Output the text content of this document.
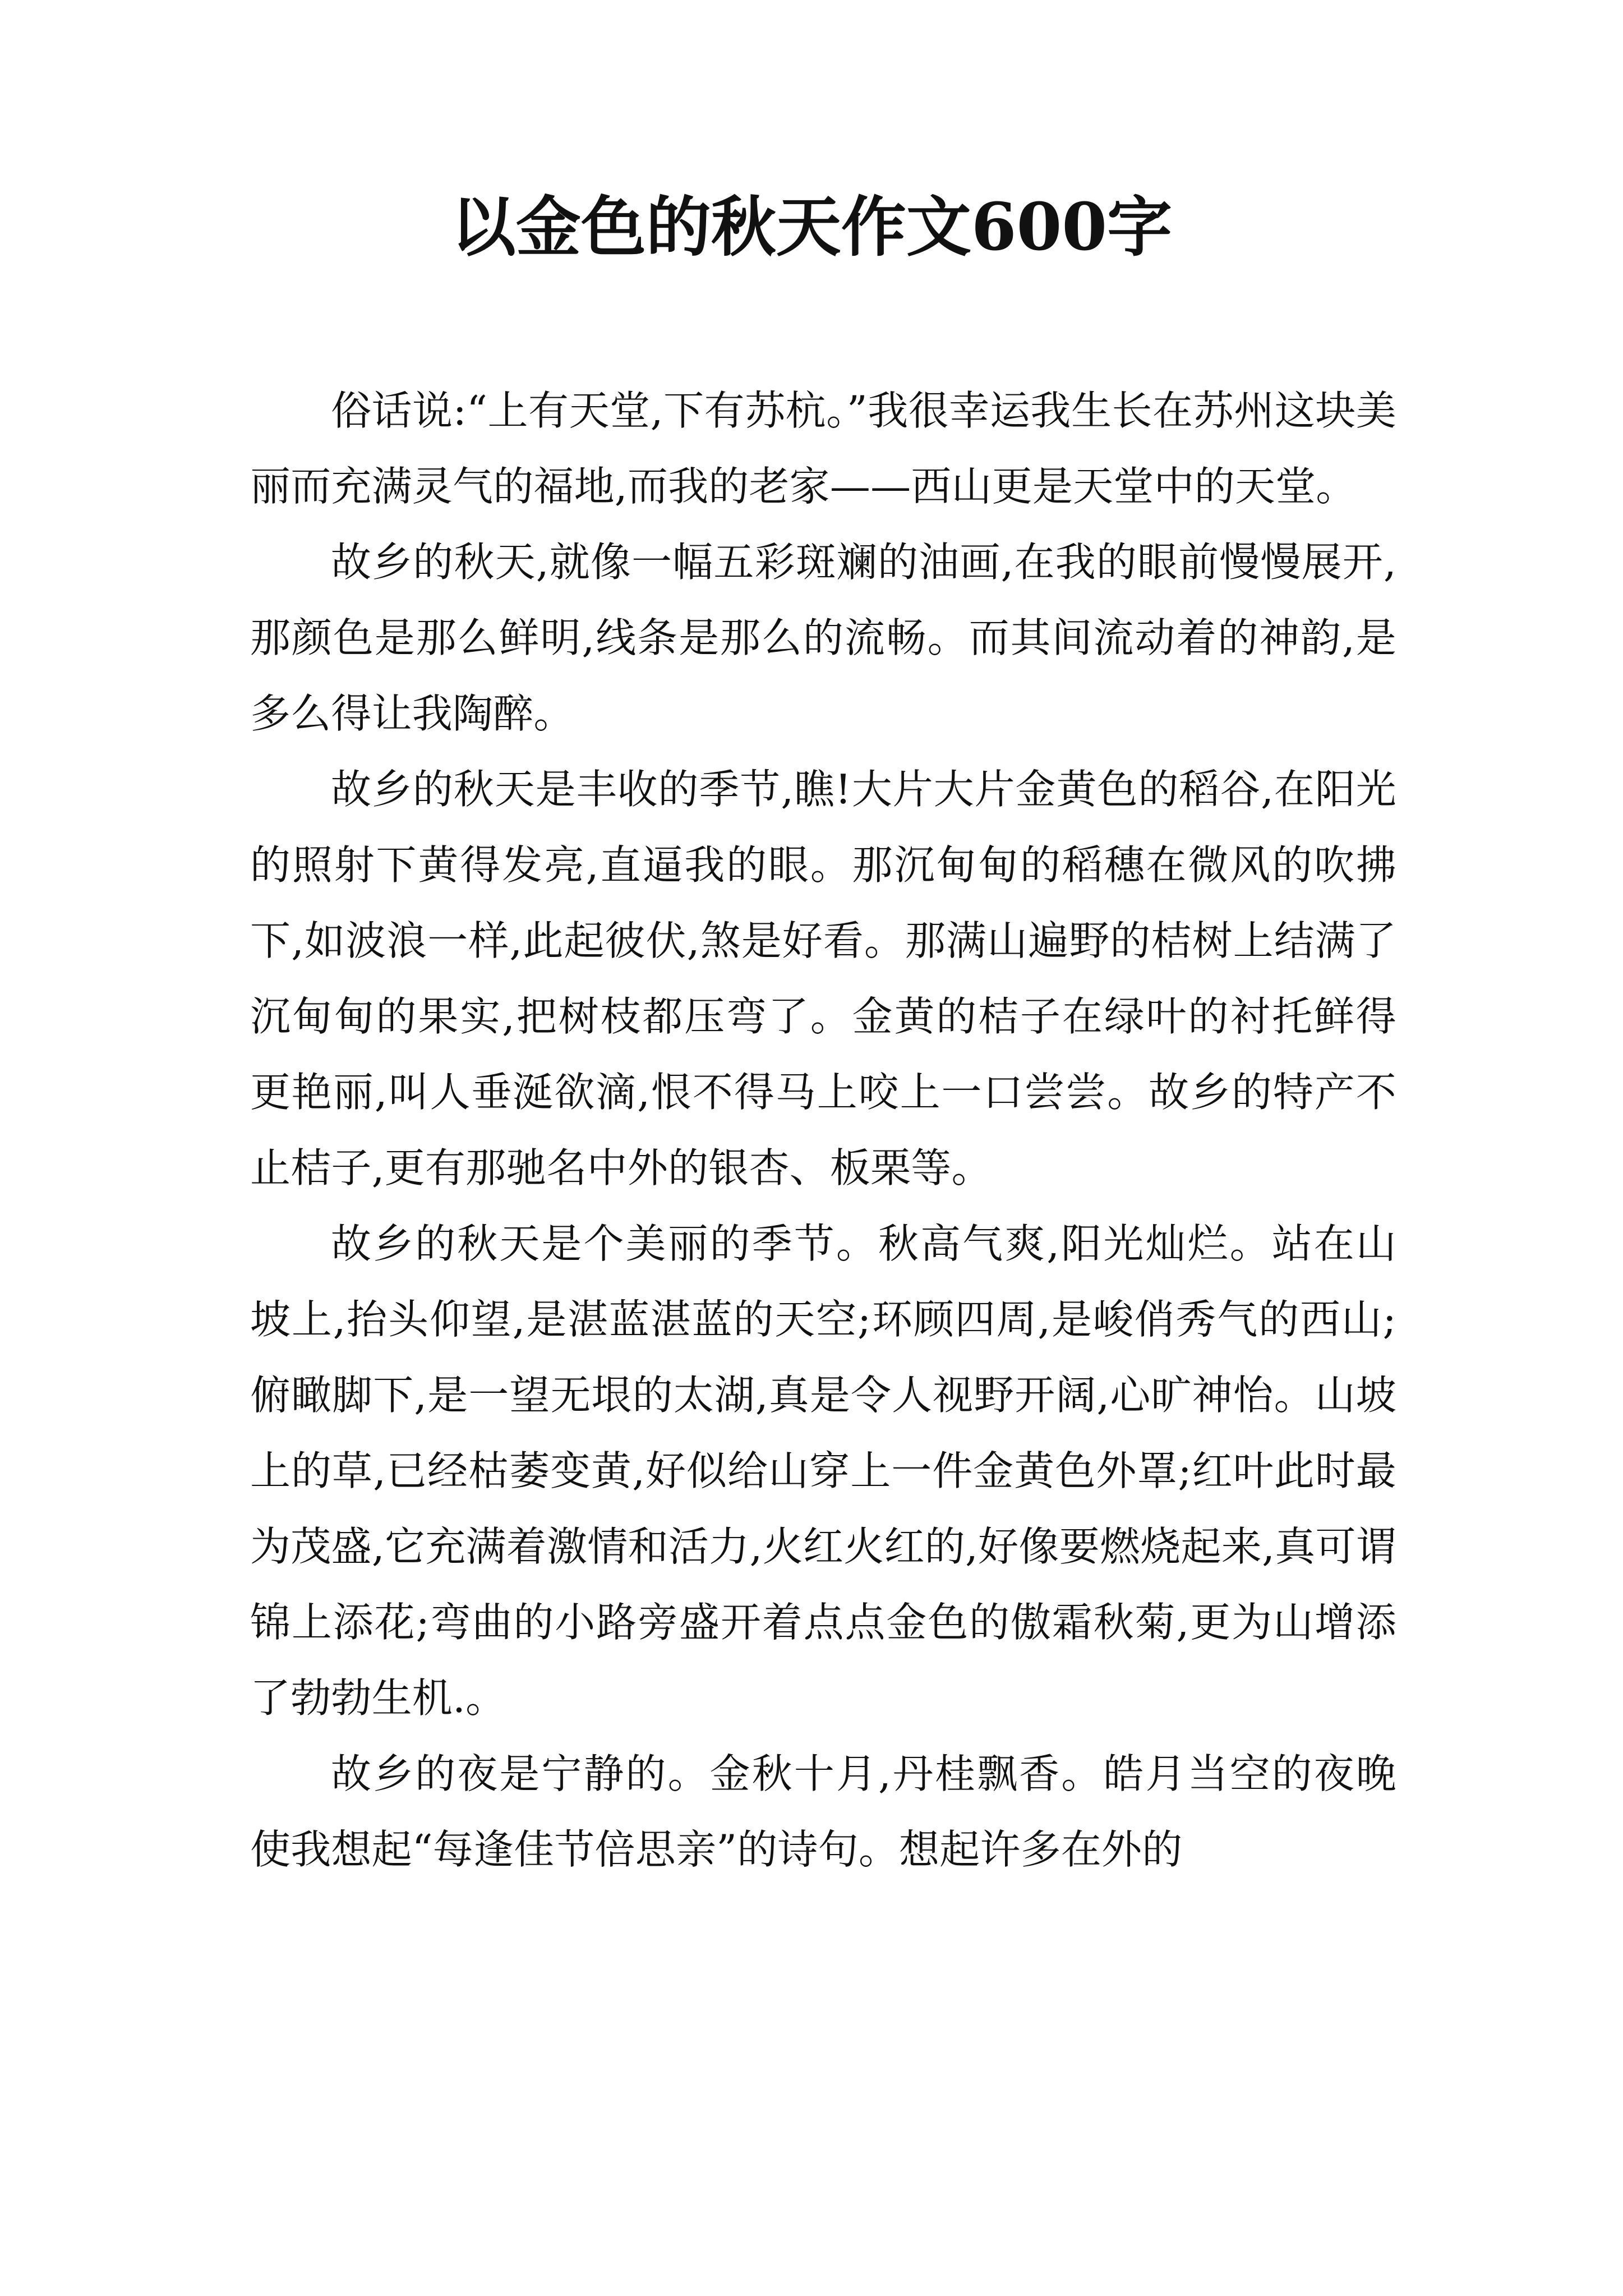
以金色的秋天作文600字

俗话说:“上有天堂,下有苏杭。”我很幸运我生长在苏州这块美丽而充满灵气的福地,而我的老家——西山更是天堂中的天堂。

故乡的秋天,就像一幅五彩斑斓的油画,在我的眼前慢慢展开,那颜色是那么鲜明,线条是那么的流畅。而其间流动着的神韵,是多么得让我陶醉。

故乡的秋天是丰收的季节,瞧!大片大片金黄色的稻谷,在阳光的照射下黄得发亮,直逼我的眼。那沉甸甸的稻穗在微风的吹拂下,如波浪一样,此起彼伏,煞是好看。那满山遍野的桔树上结满了沉甸甸的果实,把树枝都压弯了。金黄的桔子在绿叶的衬托鲜得更艳丽,叫人垂涎欲滴,恨不得马上咬上一口尝尝。故乡的特产不止桔子,更有那驰名中外的银杏、板栗等。

故乡的秋天是个美丽的季节。秋高气爽,阳光灿烂。站在山坡上,抬头仰望,是湛蓝湛蓝的天空;环顾四周,是峻俏秀气的西山;俯瞰脚下,是一望无垠的太湖,真是令人视野开阔,心旷神怡。山坡上的草,已经枯萎变黄,好似给山穿上一件金黄色外罩;红叶此时最为茂盛,它充满着激情和活力,火红火红的,好像要燃烧起来,真可谓锦上添花;弯曲的小路旁盛开着点点金色的傲霜秋菊,更为山增添了勃勃生机.。

故乡的夜是宁静的。金秋十月,丹桂飘香。皓月当空的夜晚使我想起“每逢佳节倍思亲”的诗句。想起许多在外的
